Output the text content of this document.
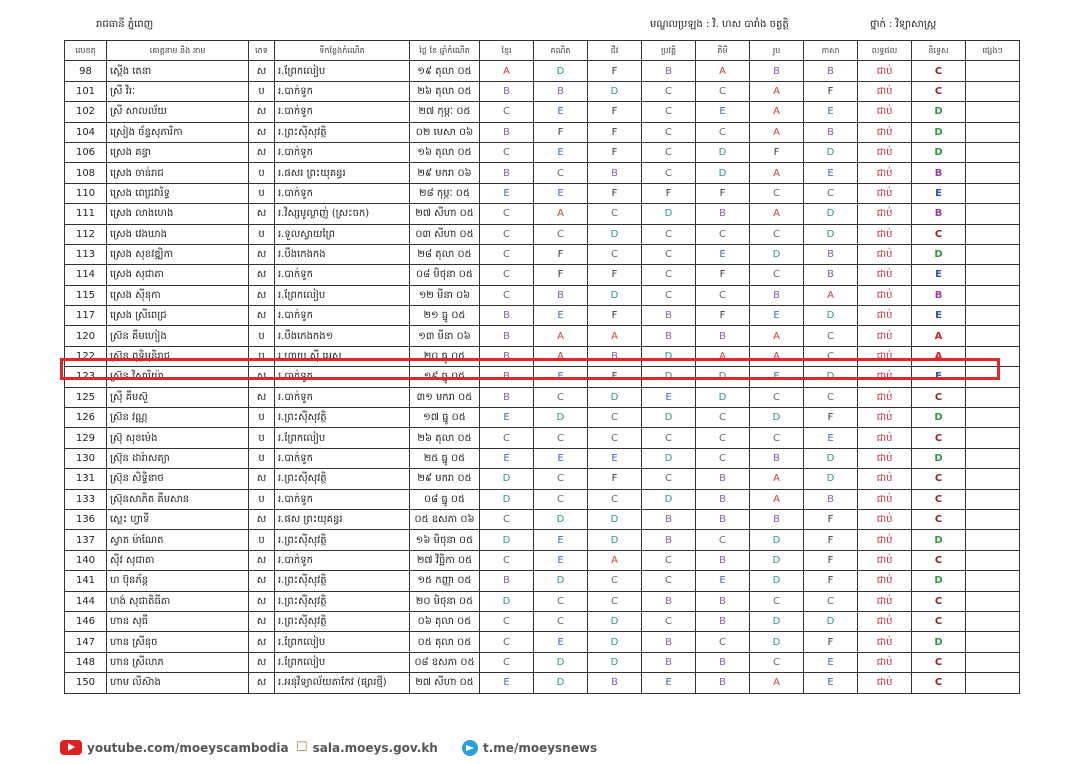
រាជធានី ភ្នំពេញ	មណ្ឌលប្រឡង : វិ. ហស បារាំង ចត្វត្តិ	ថ្នាក់ : វិទ្យាសាស្ត្រ
លេខតុ	គោត្តនាម និង នាម	ភេទ	ទីកន្លែងកំណើត	ថ្ងៃ ខែ ឆ្នាំកំណើត	ខ្មែរ	គណិត	ជីវ	ប្រវត្តិ	គីមី	រូប	ភាសា	លទ្ធផល	និទ្ទេស	ផ្សេងៗ
98	ស្តើង តេនា	ស	រ.ព្រែកលៀប	១៩ តុលា ០៥	A	D	F	B	A	B	B	ជាប់	C	
101	ស្រី វិរៈ	ប	រ.បាក់ទូក	២៦ តុលា ០៥	B	B	D	C	C	A	F	ជាប់	C	
102	ស្រី សាលល័យ	ស	រ.បាក់ទូក	២៧ កុម្ភៈ ០៥	C	E	F	C	E	A	E	ជាប់	D	
104	ស្រៀង ច័ន្ទសុភារិកា	ស	រ.ព្រះស៊ីសុវត្ថិ	០២ មេសា ០៦	B	F	F	C	C	A	B	ជាប់	D	
106	ស្រេង គន្ធា	ស	រ.បាក់ទូក	១៦ តុលា ០៥	C	E	F	C	D	F	D	ជាប់	D	
108	ស្រេង ចាន់រាជ	ប	រ.ផសរ ព្រះយុគន្ធរ	២៩ មករា ០៦	B	C	B	C	D	A	E	ជាប់	B	
110	ស្រេង ពេជ្រវារិទ្ធ	ប	រ.បាក់ទូក	២៨ កុម្ភៈ ០៥	E	E	F	F	F	C	C	ជាប់	E	
111	ស្រេង លាងហេង	ស	រ.វិស្សមូល្លាញ់ (ស្រះចក)	២៧ សីហា ០៥	C	A	C	D	B	A	D	ជាប់	B	
112	ស្រេង វេងឃាង	ប	រ.ទួលស្វាយព្រៃ	០៣ សីហា ០៥	C	C	D	C	C	C	D	ជាប់	C	
113	ស្រេង សុខវឌ្ឍិកា	ស	រ.បឹងកេងកង	២៨ តុលា ០៥	C	F	C	C	E	D	B	ជាប់	D	
114	ស្រេង សុជាតា	ស	រ.បាក់ទូក	០៨ មិថុនា ០៥	C	F	F	C	F	C	B	ជាប់	E	
115	ស្រេង ស៊ីនុកា	ស	រ.ព្រែកលៀប	១២ មីនា ០៦	C	B	D	C	C	B	A	ជាប់	B	
117	ស្រេង ស្រីពេជ្រ	ស	រ.បាក់ទូក	២១ ធ្នូ ០៥	B	E	F	B	F	E	D	ជាប់	E	
120	ស្រ៊ន គឹមហៀង	ប	រ.បឹងកេងកង១	១៣ មីនា ០៦	B	A	A	B	B	A	C	ជាប់	A	
122	ស្រ៊ន ពុទ្ធិមុនិរាជ	ប	រ.ហាយ ស៊ី អេស	២០ ធ្នូ ០៥	B	A	B	D	A	A	C	ជាប់	A	
123	ស្រ៊ន វិសារិយ៉ា	ស	រ.បាក់ទូក	១៩ ធ្នូ ០៥	B	E	F	D	D	E	D	ជាប់	E	
125	ស្រ៊ី គឹមស៊ួ	ស	រ.បាក់ទូក	៣១ មករា ០៥	B	C	D	E	D	C	C	ជាប់	C	
126	ស្រ៊ន វណ្ណ	ប	រ.ព្រះស៊ីសុវត្ថិ	១៧ ធ្នូ ០៥	E	D	C	D	C	D	F	ជាប់	D	
129	ស្រ៊ុ សុខម៉េង	ប	រ.ព្រែកលៀប	២៦ តុលា ០៥	C	C	C	C	C	C	E	ជាប់	C	
130	ស៊្រុន ដារ៉ាសត្យា	ប	រ.បាក់ទូក	២៥ ធ្នូ ០៥	E	E	E	D	C	B	D	ជាប់	D	
131	ស៊្រុន សិទ្ធិនាថ	ស	រ.ព្រះស៊ីសុវត្ថិ	២៩ មករា ០៥	D	C	F	C	B	A	D	ជាប់	C	
133	ស៊្រុនសាភិត គឹមសាន	ប	រ.បាក់ទូក	០៨ ធ្នូ ០៥	D	C	C	D	B	A	B	ជាប់	C	
136	ស្លេះ ហ្វាទី	ស	រ.ផស ព្រះយុគន្ធរ	០៥ ឧសភា ០៦	C	D	D	B	B	B	F	ជាប់	C	
137	ស្វាត ម៉ាណែត	ប	រ.ព្រះស៊ីសុវត្ថិ	១៦ មិថុនា ០៥	D	E	D	B	C	D	F	ជាប់	D	
140	ស៊ីវ សុជាតា	ស	រ.បាក់ទូក	២៧ វិច្ឆិកា ០៥	C	E	A	C	B	D	F	ជាប់	C	
141	ហ ប៊ុនភ័ន្ត	ស	រ.ព្រះស៊ីសុវត្ថិ	១៥ កញ្ញា ០៥	B	D	C	C	E	D	F	ជាប់	D	
144	ហង់ សុជាតិធីតា	ស	រ.ព្រះស៊ីសុវត្ថិ	២០ មិថុនា ០៥	D	C	C	B	B	C	C	ជាប់	C	
146	ហាន សុធី	ស	រ.ព្រះស៊ីសុវត្ថិ	០៦ តុលា ០៥	C	C	D	C	B	D	D	ជាប់	C	
147	ហាន ស្រីនុច	ស	រ.ព្រែកលៀប	០៥ តុលា ០៥	C	E	D	B	C	D	F	ជាប់	D	
148	ហាន ស្រីលាភ	ស	រ.ព្រែកលៀប	០៨ ឧសភា ០៥	C	D	D	B	B	C	E	ជាប់	C	
150	ហាម លីស៊ាង	ស	រ.អនុវិទ្យាល័យតាកែវ (ផ្សារថ្មី)	២៧ សីហា ០៥	E	D	B	E	B	A	E	ជាប់	C	
youtube.com/moeyscambodia ☐ sala.moeys.gov.kh	t.me/moeysnews
